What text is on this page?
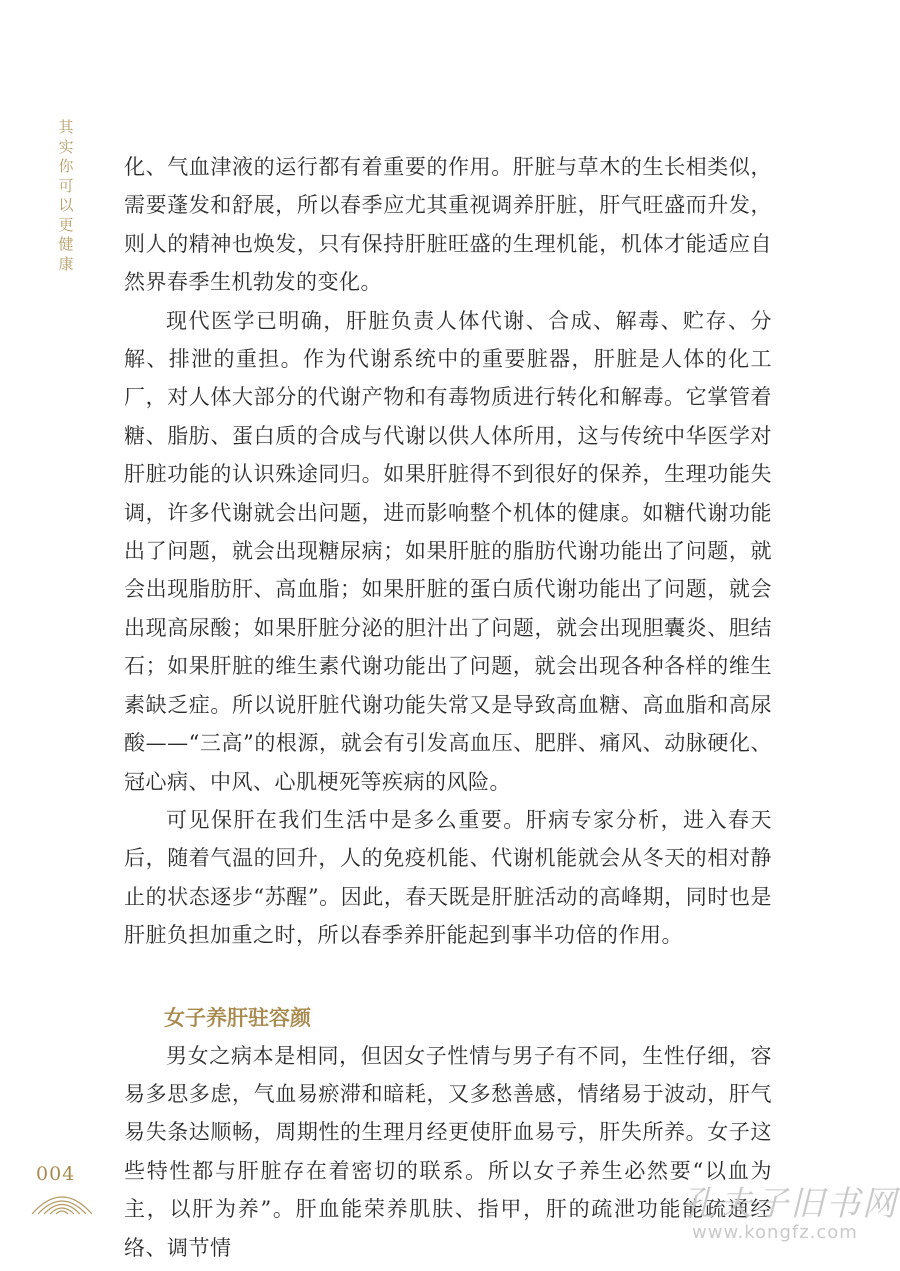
其
实
你
可
以
更
健
康

化、气血津液的运行都有着重要的作用。肝脏与草木的生长相类似，需要蓬发和舒展，所以春季应尤其重视调养肝脏，肝气旺盛而升发，则人的精神也焕发，只有保持肝脏旺盛的生理机能，机体才能适应自然界春季生机勃发的变化。

现代医学已明确，肝脏负责人体代谢、合成、解毒、贮存、分解、排泄的重担。作为代谢系统中的重要脏器，肝脏是人体的化工厂，对人体大部分的代谢产物和有毒物质进行转化和解毒。它掌管着糖、脂肪、蛋白质的合成与代谢以供人体所用，这与传统中华医学对肝脏功能的认识殊途同归。如果肝脏得不到很好的保养，生理功能失调，许多代谢就会出问题，进而影响整个机体的健康。如糖代谢功能出了问题，就会出现糖尿病；如果肝脏的脂肪代谢功能出了问题，就会出现脂肪肝、高血脂；如果肝脏的蛋白质代谢功能出了问题，就会出现高尿酸；如果肝脏分泌的胆汁出了问题，就会出现胆囊炎、胆结石；如果肝脏的维生素代谢功能出了问题，就会出现各种各样的维生素缺乏症。所以说肝脏代谢功能失常又是导致高血糖、高血脂和高尿酸——“三高”的根源，就会有引发高血压、肥胖、痛风、动脉硬化、冠心病、中风、心肌梗死等疾病的风险。

可见保肝在我们生活中是多么重要。肝病专家分析，进入春天后，随着气温的回升，人的免疫机能、代谢机能就会从冬天的相对静止的状态逐步“苏醒”。因此，春天既是肝脏活动的高峰期，同时也是肝脏负担加重之时，所以春季养肝能起到事半功倍的作用。

女子养肝驻容颜

男女之病本是相同，但因女子性情与男子有不同，生性仔细，容易多思多虑，气血易瘀滞和暗耗，又多愁善感，情绪易于波动，肝气易失条达顺畅，周期性的生理月经更使肝血易亏，肝失所养。女子这些特性都与肝脏存在着密切的联系。所以女子养生必然要“以血为主，以肝为养”。肝血能荣养肌肤、指甲，肝的疏泄功能能疏通经络、调节情

004
孔夫子旧书网
www.kongfz.com
